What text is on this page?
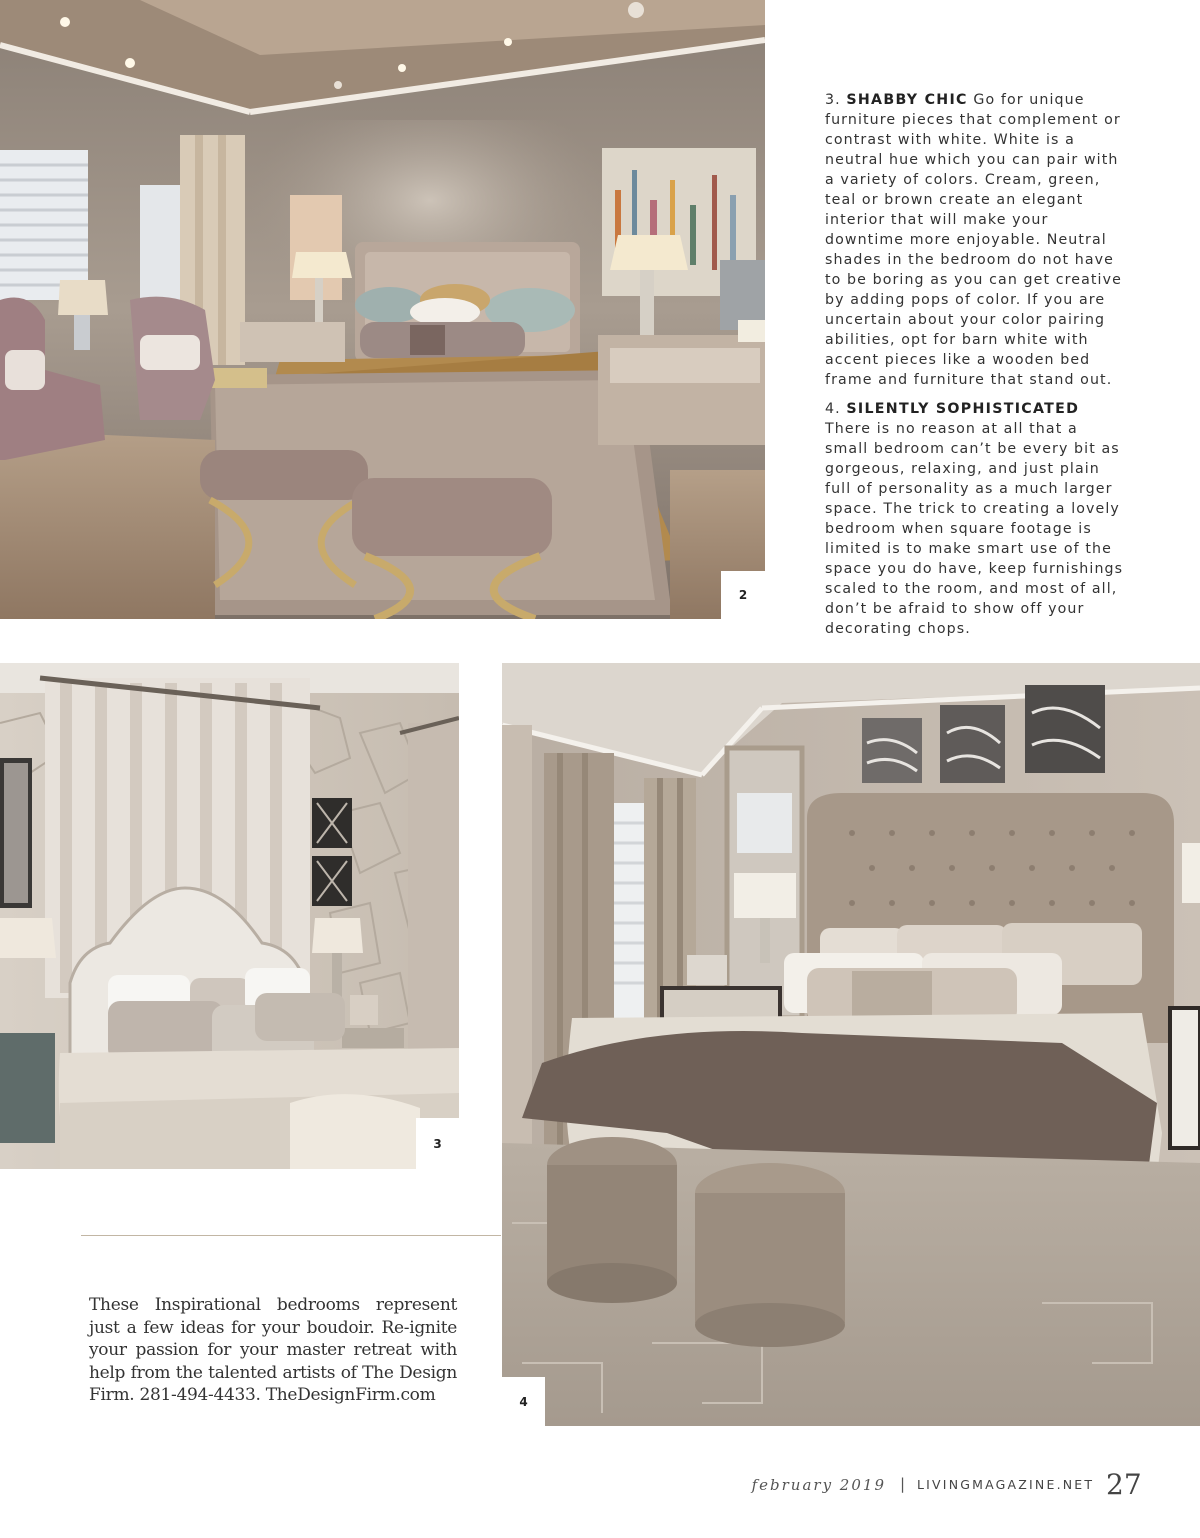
2

3. SHABBY CHIC Go for unique furniture pieces that complement or contrast with white. White is a neutral hue which you can pair with a variety of colors. Cream, green, teal or brown create an elegant interior that will make your downtime more enjoyable. Neutral shades in the bedroom do not have to be boring as you can get creative by adding pops of color. If you are uncertain about your color pairing abilities, opt for barn white with accent pieces like a wooden bed frame and furniture that stand out.

4. SILENTLY SOPHISTICATED There is no reason at all that a small bedroom can’t be every bit as gorgeous, relaxing, and just plain full of personality as a much larger space. The trick to creating a lovely bedroom when square footage is limited is to make smart use of the space you do have, keep furnishings scaled to the room, and most of all, don’t be afraid to show off your decorating chops.

3
4
These Inspirational bedrooms represent just a few ideas for your boudoir. Re-ignite your passion for your master retreat with help from the talented artists of The Design Firm. 281-494-4433. TheDesignFirm.com
february 2019 | LIVINGMAGAZINE.NET 27
